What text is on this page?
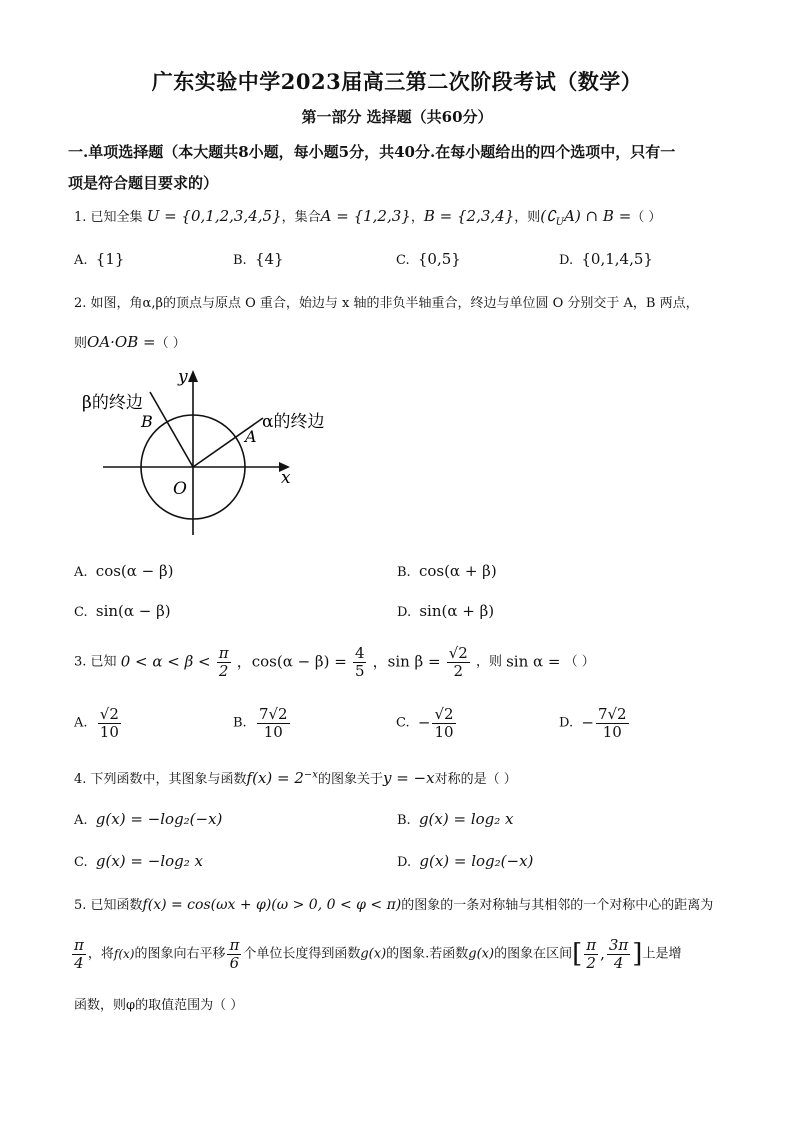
广东实验中学2023届高三第二次阶段考试（数学）
第一部分 选择题（共60分）
一.单项选择题（本大题共8小题，每小题5分，共40分.在每小题给出的四个选项中，只有一
项是符合题目要求的）
1. 已知全集 U = {0,1,2,3,4,5}，集合A = {1,2,3}，B = {2,3,4}，则$(∁_UA)$ ∩ B =（ ）
A. {1}	B. {4}	C. {0,5}	D. {0,1,4,5}
2. 如图，角α,β的顶点与原点 O 重合，始边与 x 轴的非负半轴重合，终边与单位圆 O 分别交于 A，B 两点，
则OA·OB =（ ）
y
x
O
A
B
β的终边
α的终边
A. cos(α − β)	B. cos(α + β)
C. sin(α − β)	D. sin(α + β)
3. 已知 $0 < \alpha < \beta < \frac{\pi}{2}$ ，$\cos(\alpha - \beta) = \frac{4}{5}$ ，$\sin \beta = \frac{√2}{2}$ ，则 sin α = （ ）
A. $\frac{√2}{10}$	B. $\frac{7√2}{10}$	C. − $\frac{√2}{10}$	D. − $\frac{7√2}{10}$
4. 下列函数中，其图象与函数$f(x) = 2^{-x}$的图象关于y = −x对称的是（ ）
A. g(x) = −log₂(−x)	B. g(x) = log₂ x
C. g(x) = −log₂ x	D. g(x) = log₂(−x)
5. 已知函数f(x) = cos(ωx + φ)(ω > 0, 0 < φ < π)的图象的一条对称轴与其相邻的一个对称中心的距离为
$\frac{\pi}{4}$ ，将f(x)的图象向右平移 $\frac{\pi}{6}$ 个单位长度得到函数g(x)的图象.若函数g(x)的图象在区间[ $\frac{\pi}{2}$ , $\frac{3\pi}{4}$ ]上是增
函数，则φ的取值范围为（ ）
